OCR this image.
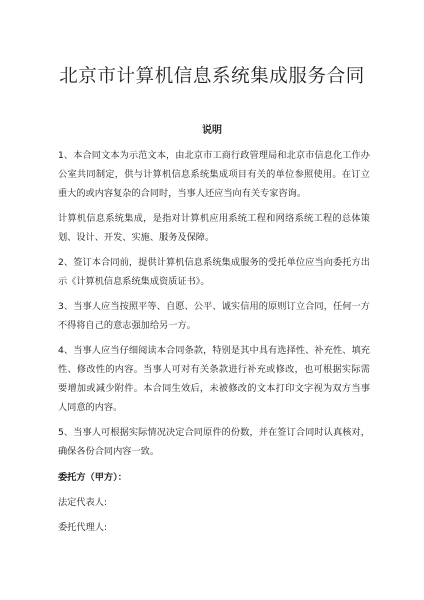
北京市计算机信息系统集成服务合同
说明

1、本合同文本为示范文本，由北京市工商行政管理局和北京市信息化工作办公室共同制定，供与计算机信息系统集成项目有关的单位参照使用。在订立重大的或内容复杂的合同时，当事人还应当向有关专家咨询。

计算机信息系统集成，是指对计算机应用系统工程和网络系统工程的总体策划、设计、开发、实施、服务及保障。

2、签订本合同前，提供计算机信息系统集成服务的受托单位应当向委托方出示《计算机信息系统集成资质证书》。

3、当事人应当按照平等、自愿、公平、诚实信用的原则订立合同，任何一方不得将自己的意志强加给另一方。

4、当事人应当仔细阅读本合同条款，特别是其中具有选择性、补充性、填充性、修改性的内容。当事人可对有关条款进行补充或修改，也可根据实际需要增加或减少附件。本合同生效后，未被修改的文本打印文字视为双方当事人同意的内容。

5、当事人可根据实际情况决定合同原件的份数，并在签订合同时认真核对，确保各份合同内容一致。

委托方（甲方）：
法定代表人:
委托代理人:
